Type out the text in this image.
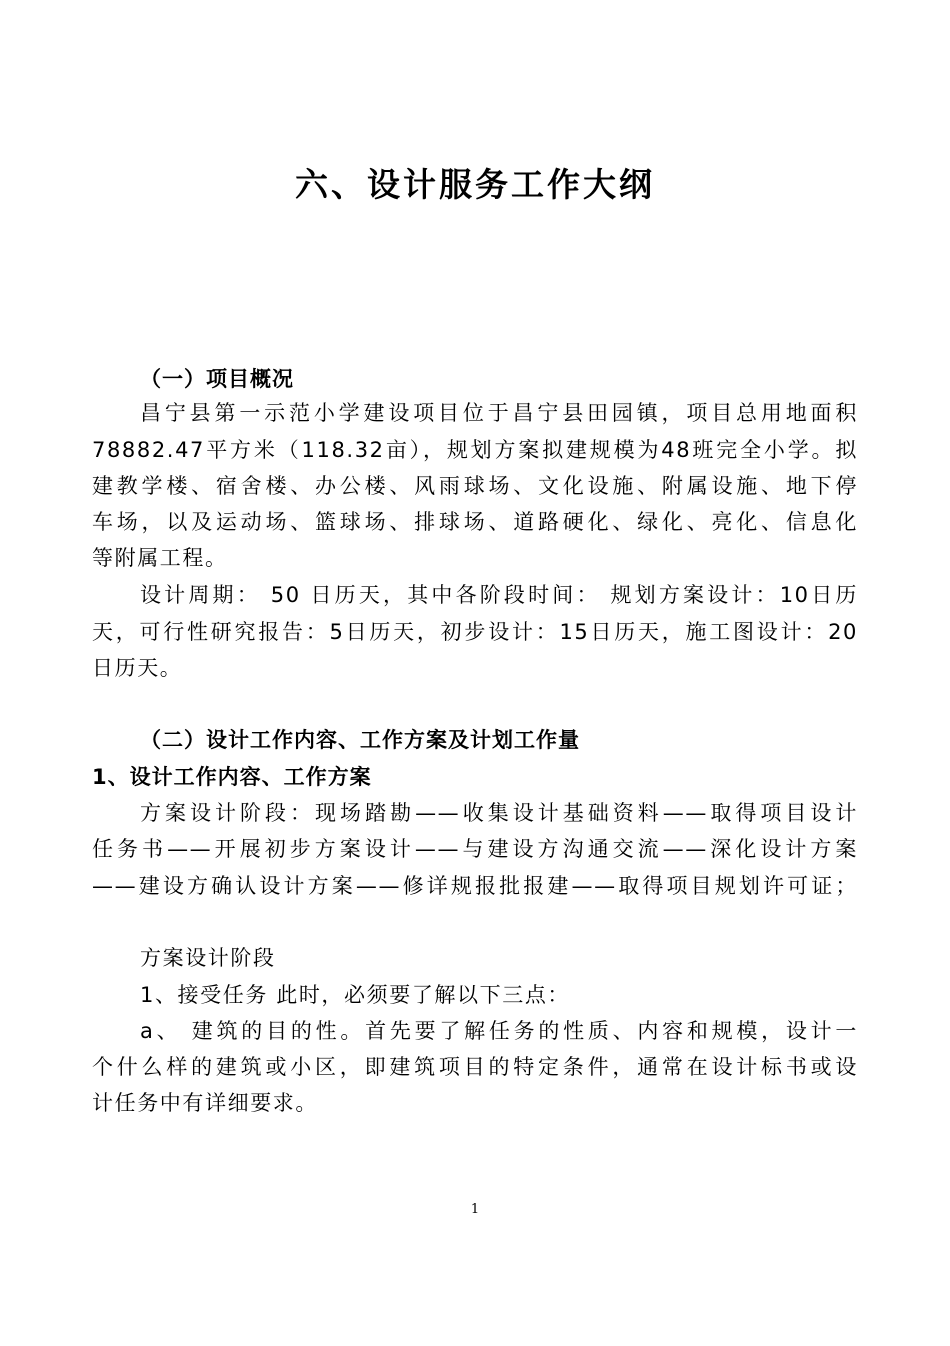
六、设计服务工作大纲
（一）项目概况
昌宁县第一示范小学建设项目位于昌宁县田园镇，项目总用地面积
78882.47平方米（118.32亩），规划方案拟建规模为48班完全小学。拟
建教学楼、宿舍楼、办公楼、风雨球场、文化设施、附属设施、地下停
车场，以及运动场、篮球场、排球场、道路硬化、绿化、亮化、信息化
等附属工程。
设计周期： 50 日历天，其中各阶段时间： 规划方案设计：10日历
天，可行性研究报告：5日历天，初步设计：15日历天，施工图设计：20
日历天。
（二）设计工作内容、工作方案及计划工作量
1、设计工作内容、工作方案
方案设计阶段：现场踏勘——收集设计基础资料——取得项目设计
任务书——开展初步方案设计——与建设方沟通交流——深化设计方案
——建设方确认设计方案——修详规报批报建——取得项目规划许可证；
方案设计阶段
1、接受任务 此时，必须要了解以下三点：
a、 建筑的目的性。首先要了解任务的性质、内容和规模，设计一
个什么样的建筑或小区，即建筑项目的特定条件，通常在设计标书或设
计任务中有详细要求。
1
